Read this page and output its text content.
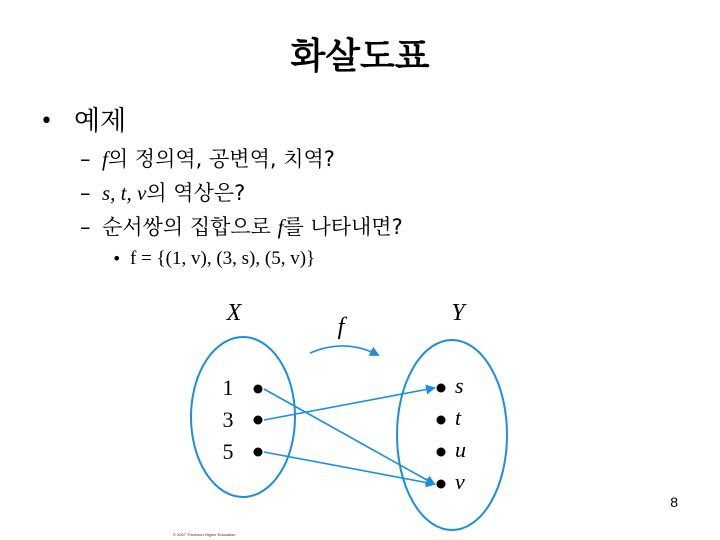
화살도표
• 예제
– f의 정의역, 공변역, 치역?
– s, t, v의 역상은?
– 순서쌍의 집합으로 f를 나타내면?
• f = {(1, v), (3, s), (5, v)}
X	Y
f
1
3
5
s
t
u
v
8
© 2007 Thomson Higher Education
